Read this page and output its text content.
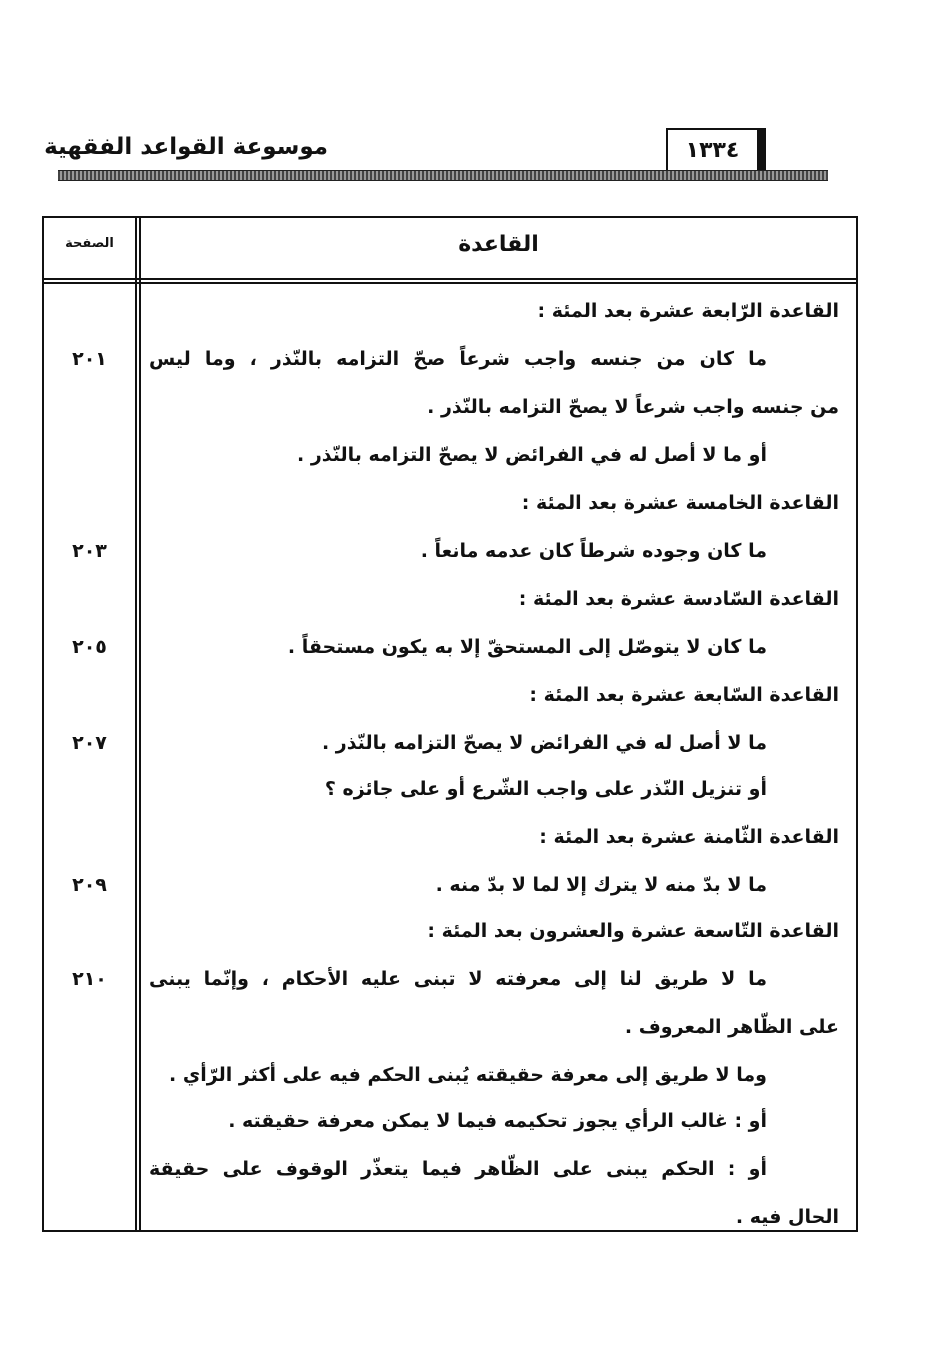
موسوعة القواعد الفقهية	١٣٣٤
الصفحة	القاعدة
القاعدة الرّابعة عشرة بعد المئة :
ما كان من جنسه واجب شرعاً صحّ التزامه بالنّذر ، وما ليس
من جنسه واجب شرعاً لا يصحّ التزامه بالنّذر .
أو ما لا أصل له في الفرائض لا يصحّ التزامه بالنّذر .
القاعدة الخامسة عشرة بعد المئة :
ما كان وجوده شرطاً كان عدمه مانعاً .
القاعدة السّادسة عشرة بعد المئة :
ما كان لا يتوصّل إلى المستحقّ إلا به يكون مستحقاً .
القاعدة السّابعة عشرة بعد المئة :
ما لا أصل له في الفرائض لا يصحّ التزامه بالنّذر .
أو تنزيل النّذر على واجب الشّرع أو على جائزه ؟
القاعدة الثّامنة عشرة بعد المئة :
ما لا بدّ منه لا يترك إلا لما لا بدّ منه .
القاعدة التّاسعة عشرة والعشرون بعد المئة :
ما لا طريق لنا إلى معرفته لا تبنى عليه الأحكام ، وإنّما يبنى
على الظّاهر المعروف .
وما لا طريق إلى معرفة حقيقته يُبنى الحكم فيه على أكثر الرّأي .
أو : غالب الرأي يجوز تحكيمه فيما لا يمكن معرفة حقيقته .
أو : الحكم يبنى على الظّاهر فيما يتعذّر الوقوف على حقيقة
الحال فيه .
٢٠١
٢٠٣
٢٠٥
٢٠٧
٢٠٩
٢١٠
